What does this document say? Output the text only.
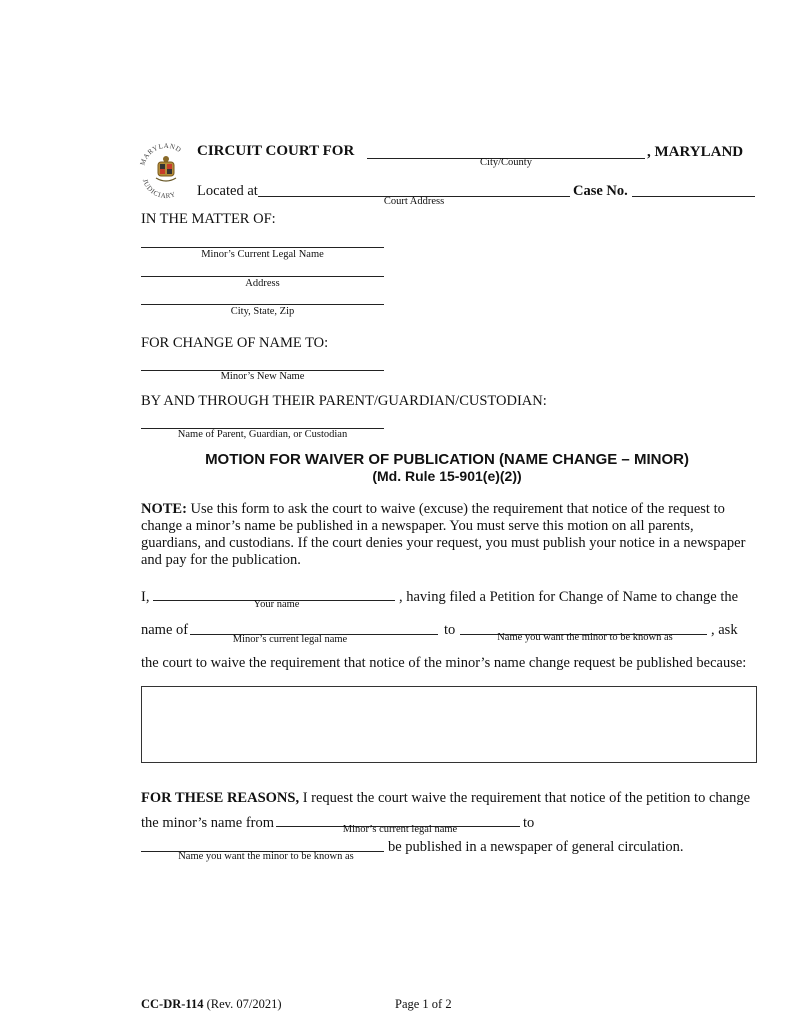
MARYLAND
JUDICIARY
CIRCUIT COURT FOR	, MARYLAND
City/County
Located at
Court Address
Case No.
IN THE MATTER OF:
Minor’s Current Legal Name
Address
City, State, Zip
FOR CHANGE OF NAME TO:
Minor’s New Name
BY AND THROUGH THEIR PARENT/GUARDIAN/CUSTODIAN:
Name of Parent, Guardian, or Custodian
MOTION FOR WAIVER OF PUBLICATION (NAME CHANGE – MINOR)
(Md. Rule 15-901(e)(2))
NOTE: Use this form to ask the court to waive (excuse) the requirement that notice of the request to
change a minor’s name be published in a newspaper. You must serve this motion on all parents,
guardians, and custodians. If the court denies your request, you must publish your notice in a newspaper
and pay for the publication.
I,	Your name	, having filed a Petition for Change of Name to change the
name of
Minor’s current legal name
to	Name you want the minor to be known as	, ask
the court to waive the requirement that notice of the minor’s name change request be published because:
FOR THESE REASONS, I request the court waive the requirement that notice of the petition to change
the minor’s name from	Minor’s current legal name	to
Name you want the minor to be known as
be published in a newspaper of general circulation.
CC-DR-114 (Rev. 07/2021)	Page 1 of 2
